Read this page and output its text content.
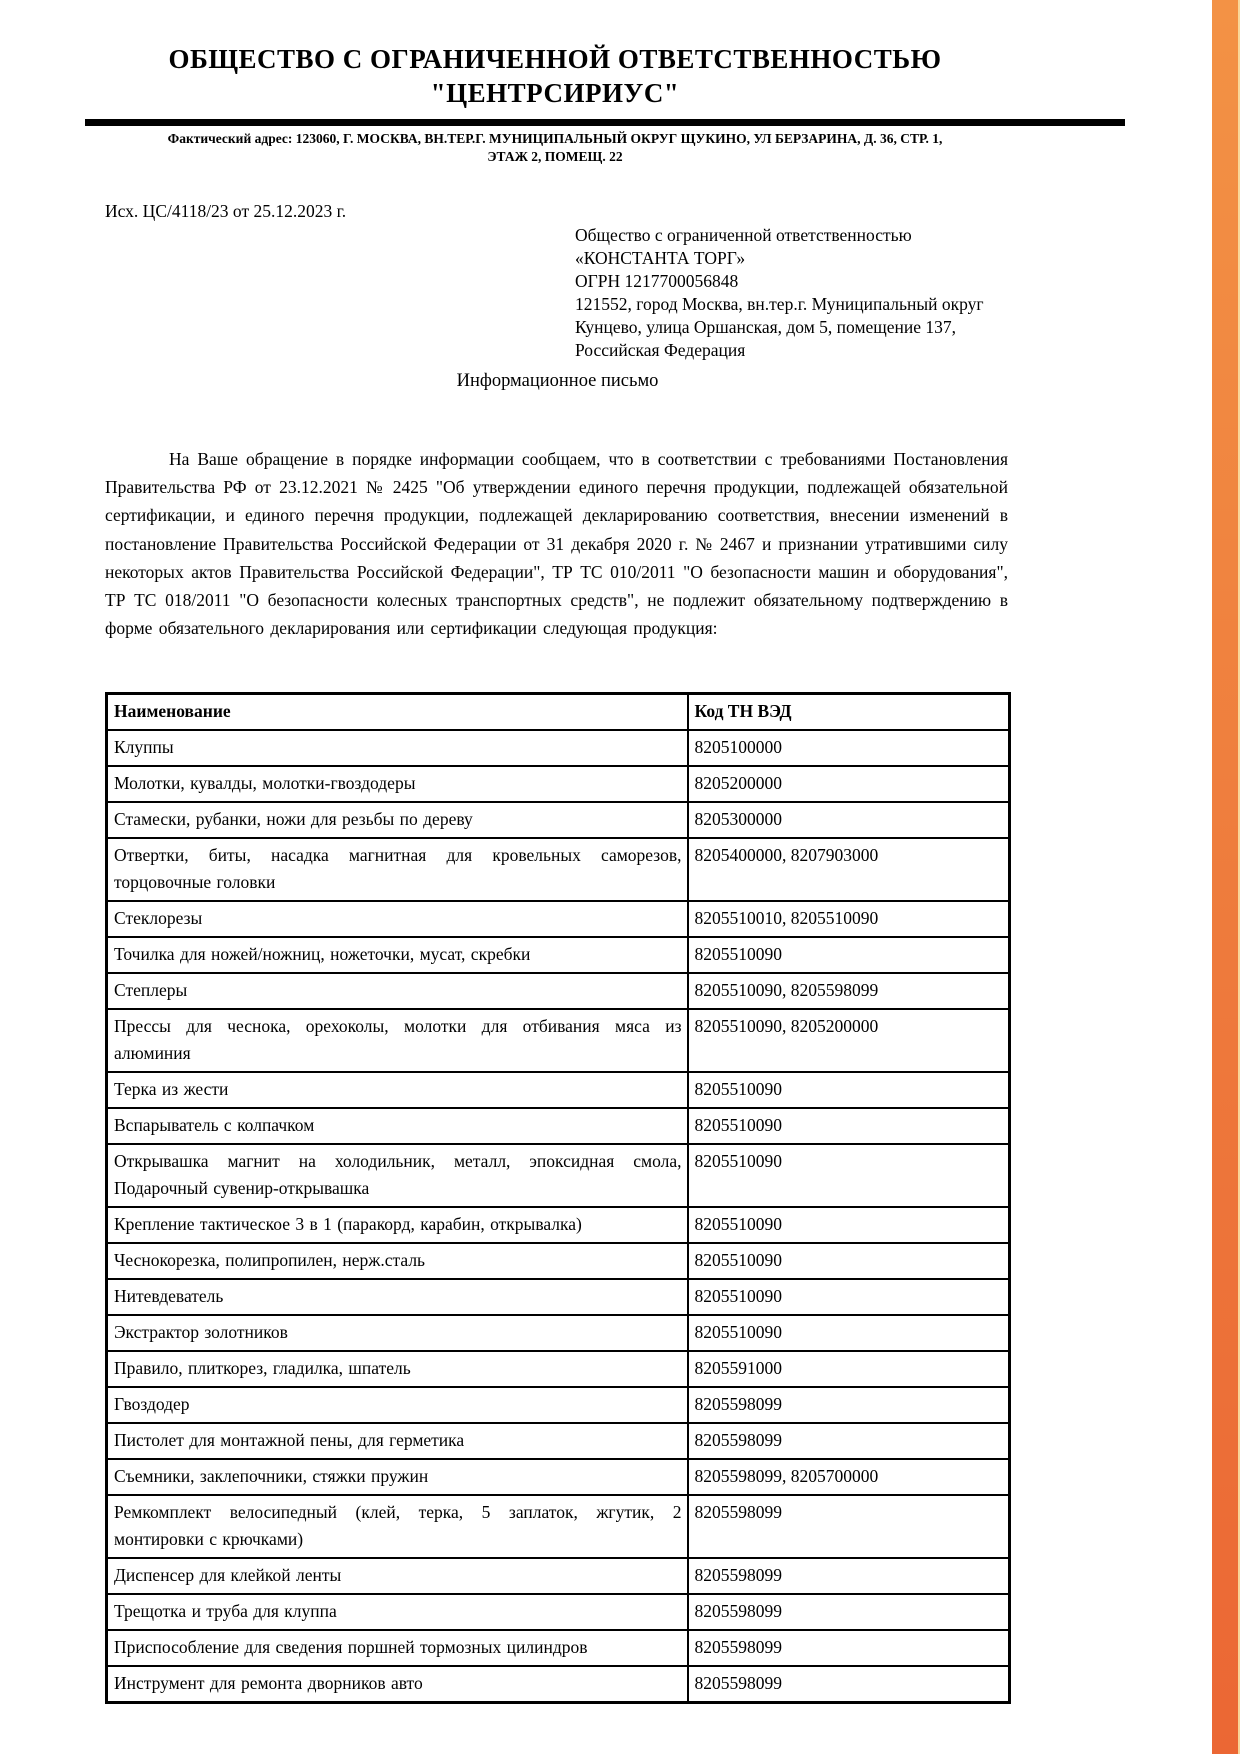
ОБЩЕСТВО С ОГРАНИЧЕННОЙ ОТВЕТСТВЕННОСТЬЮ
"ЦЕНТРСИРИУС"
Фактический адрес: 123060, Г. МОСКВА, ВН.ТЕР.Г. МУНИЦИПАЛЬНЫЙ ОКРУГ ЩУКИНО, УЛ БЕРЗАРИНА, Д. 36, СТР. 1,
ЭТАЖ 2, ПОМЕЩ. 22
Исх. ЦС/4118/23 от 25.12.2023 г.
Общество с ограниченной ответственностью
«КОНСТАНТА ТОРГ»
ОГРН 1217700056848
121552, город Москва, вн.тер.г. Муниципальный округ
Кунцево, улица Оршанская, дом 5, помещение 137,
Российская Федерация
Информационное письмо

На Ваше обращение в порядке информации сообщаем, что в соответствии с требованиями Постановления Правительства РФ от 23.12.2021 № 2425 "Об утверждении единого перечня продукции, подлежащей обязательной сертификации, и единого перечня продукции, подлежащей декларированию соответствия, внесении изменений в постановление Правительства Российской Федерации от 31 декабря 2020 г. № 2467 и признании утратившими силу некоторых актов Правительства Российской Федерации", ТР ТС 010/2011 "О безопасности машин и оборудования", ТР ТС 018/2011 "О безопасности колесных транспортных средств", не подлежит обязательному подтверждению в форме обязательного декларирования или сертификации следующая продукция:

Наименование	Код ТН ВЭД

Клуппы	8205100000

Молотки, кувалды, молотки-гвоздодеры	8205200000

Стамески, рубанки, ножи для резьбы по дереву	8205300000

Отвертки, биты, насадка магнитная для кровельных саморезов, торцовочные головки	8205400000, 8207903000

Стеклорезы	8205510010, 8205510090

Точилка для ножей/ножниц, ножеточки, мусат, скребки	8205510090

Степлеры	8205510090, 8205598099

Прессы для чеснока, орехоколы, молотки для отбивания мяса из алюминия	8205510090, 8205200000

Терка из жести	8205510090

Вспарыватель с колпачком	8205510090

Открывашка магнит на холодильник, металл, эпоксидная смола, Подарочный сувенир-открывашка	8205510090

Крепление тактическое 3 в 1 (паракорд, карабин, открывалка)	8205510090

Чеснокорезка, полипропилен, нерж.сталь	8205510090

Нитевдеватель	8205510090

Экстрактор золотников	8205510090

Правило, плиткорез, гладилка, шпатель	8205591000

Гвоздодер	8205598099

Пистолет для монтажной пены, для герметика	8205598099

Съемники, заклепочники, стяжки пружин	8205598099, 8205700000

Ремкомплект велосипедный (клей, терка, 5 заплаток, жгутик, 2 монтировки с крючками)	8205598099

Диспенсер для клейкой ленты	8205598099

Трещотка и труба для клуппа	8205598099

Приспособление для сведения поршней тормозных цилиндров	8205598099

Инструмент для ремонта дворников авто	8205598099
